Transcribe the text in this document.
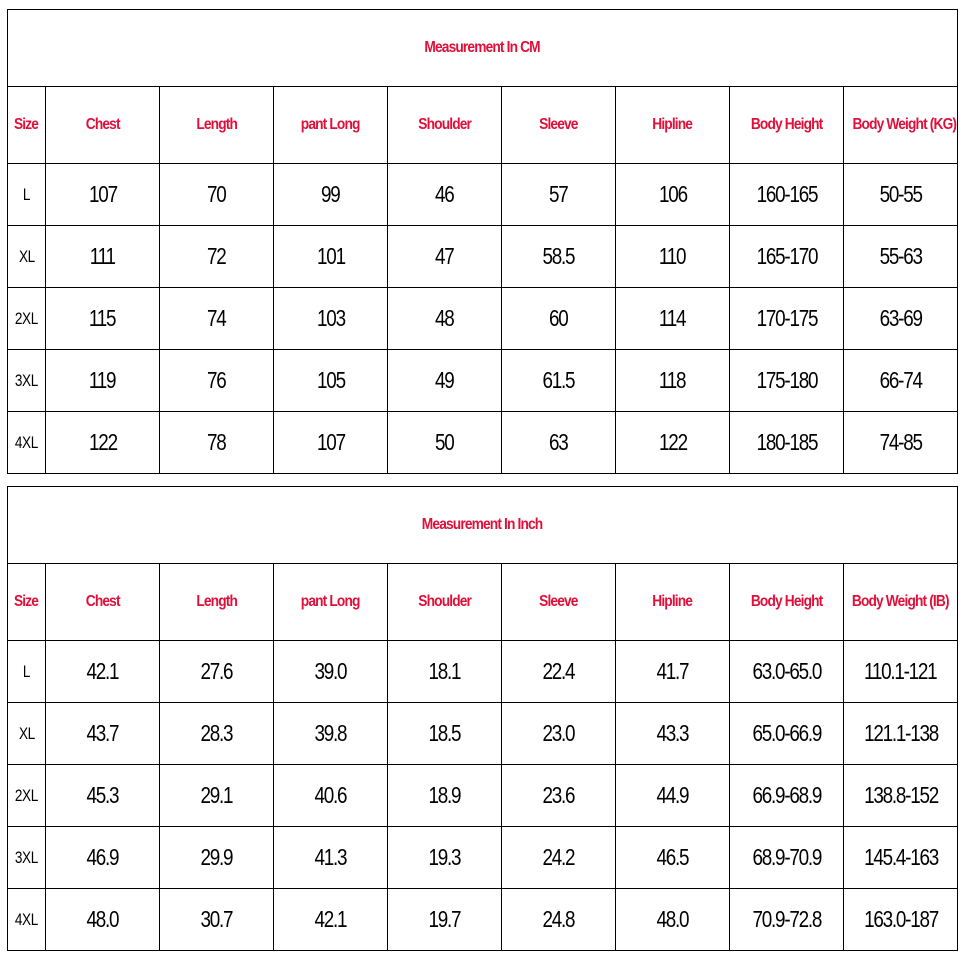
Measurement In CM								
Size	Chest	Length	pant Long	Shoulder	Sleeve	Hipline	Body Height	Body Weight (KG)
L	107	70	99	46	57	106	160-165	50-55
XL	111	72	101	47	58.5	110	165-170	55-63
2XL	115	74	103	48	60	114	170-175	63-69
3XL	119	76	105	49	61.5	118	175-180	66-74
4XL	122	78	107	50	63	122	180-185	74-85
Measurement In Inch								
Size	Chest	Length	pant Long	Shoulder	Sleeve	Hipline	Body Height	Body Weight (IB)
L	42.1	27.6	39.0	18.1	22.4	41.7	63.0-65.0	110.1-121
XL	43.7	28.3	39.8	18.5	23.0	43.3	65.0-66.9	121.1-138
2XL	45.3	29.1	40.6	18.9	23.6	44.9	66.9-68.9	138.8-152
3XL	46.9	29.9	41.3	19.3	24.2	46.5	68.9-70.9	145.4-163
4XL	48.0	30.7	42.1	19.7	24.8	48.0	70.9-72.8	163.0-187
